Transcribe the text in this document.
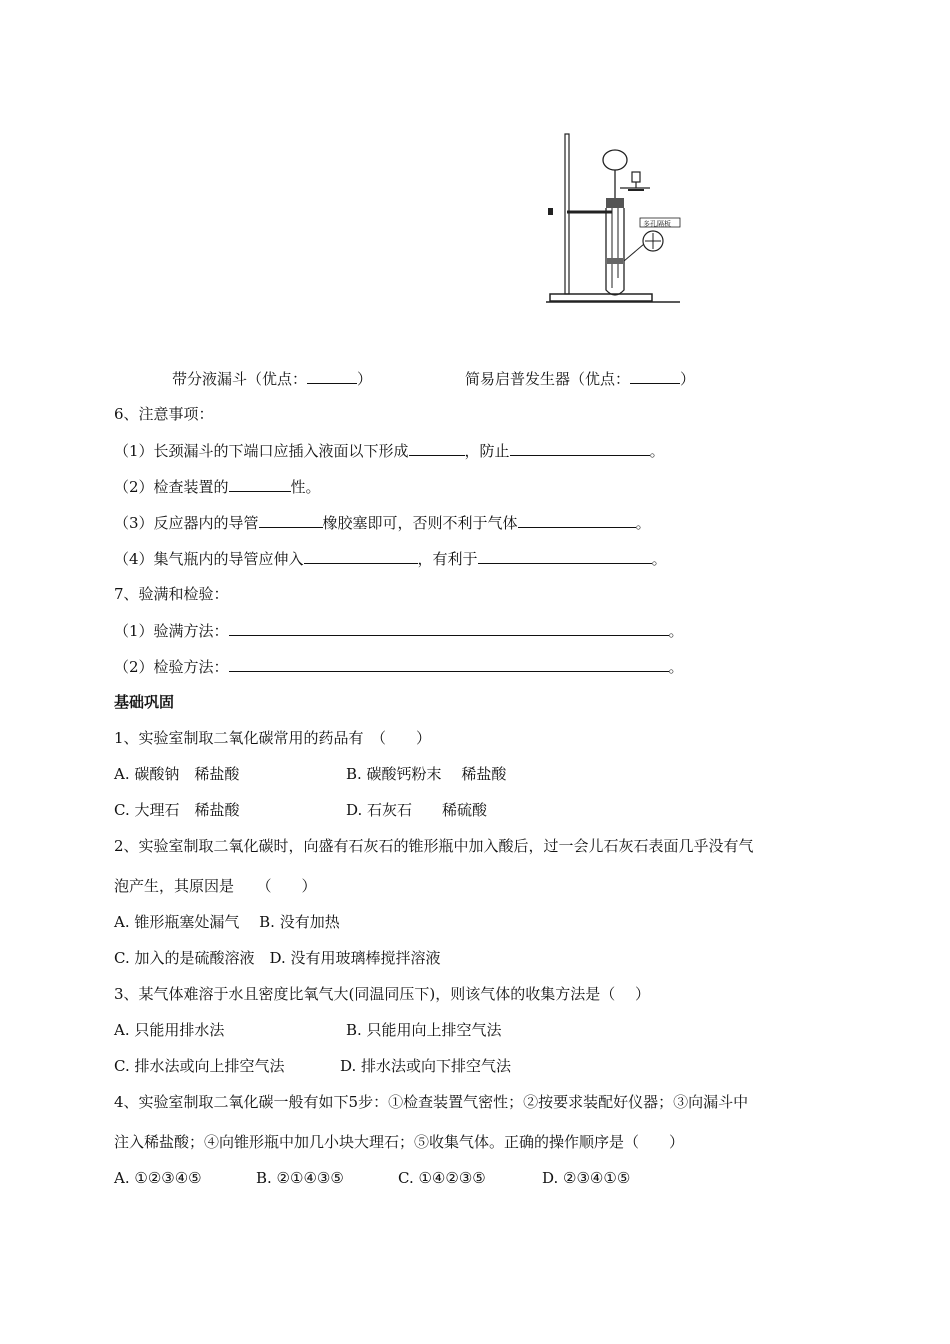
多孔隔板
带分液漏斗（优点：	）	简易启普发生器（优点：	）
6、注意事项：
（1）长颈漏斗的下端口应插入液面以下形成	，防止	。
（2）检查装置的	性。
（3）反应器内的导管	橡胶塞即可，否则不利于气体	。
（4）集气瓶内的导管应伸入	，有利于	。
7、验满和检验：
（1）验满方法：	。
（2）检验方法：	。
基础巩固
1、实验室制取二氧化碳常用的药品有　（　　）
A. 碳酸钠　稀盐酸	B. 碳酸钙粉末　 稀盐酸
C. 大理石　稀盐酸	D. 石灰石　　稀硫酸
2、实验室制取二氧化碳时，向盛有石灰石的锥形瓶中加入酸后，过一会儿石灰石表面几乎没有气
泡产生，其原因是　　（　　）
A. 锥形瓶塞处漏气　 B. 没有加热
C. 加入的是硫酸溶液　D. 没有用玻璃棒搅拌溶液
3、某气体难溶于水且密度比氧气大(同温同压下)，则该气体的收集方法是（　 ）
A. 只能用排水法	B. 只能用向上排空气法
C. 排水法或向上排空气法	D. 排水法或向下排空气法
4、实验室制取二氧化碳一般有如下5步：①检查装置气密性；②按要求装配好仪器；③向漏斗中
注入稀盐酸；④向锥形瓶中加几小块大理石；⑤收集气体。正确的操作顺序是（　　）
A. ①②③④⑤	B. ②①④③⑤	C. ①④②③⑤	D. ②③④①⑤
